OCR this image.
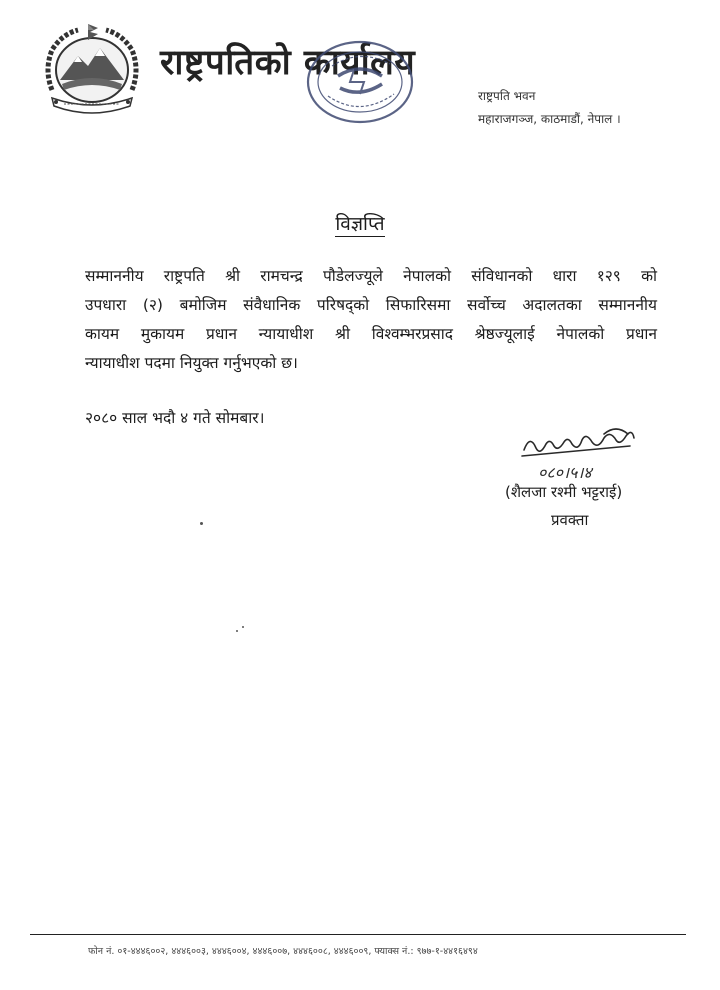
राष्ट्रपतिको कार्यालय
राष्ट्रपति भवन
महाराजगञ्ज, काठमाडौं, नेपाल ।
विज्ञप्ति
सम्माननीय राष्ट्रपति श्री रामचन्द्र पौडेलज्यूले नेपालको संविधानको धारा १२९ को
उपधारा (२) बमोजिम संवैधानिक परिषद्को सिफारिसमा सर्वोच्च अदालतका सम्माननीय
कायम मुकायम प्रधान न्यायाधीश श्री विश्वम्भरप्रसाद श्रेष्ठज्यूलाई नेपालको प्रधान
न्यायाधीश पदमा नियुक्त गर्नुभएको छ।
२०८० साल भदौ ४ गते सोमबार।
०८०।५।४
(शैलजा रश्मी भट्टराई)
प्रवक्ता
फोन नं. ०१-४४४६००२, ४४४६००३, ४४४६००४, ४४४६००७, ४४४६००८, ४४४६००९, फ्याक्स नं.: ९७७-१-४४१६४९४
